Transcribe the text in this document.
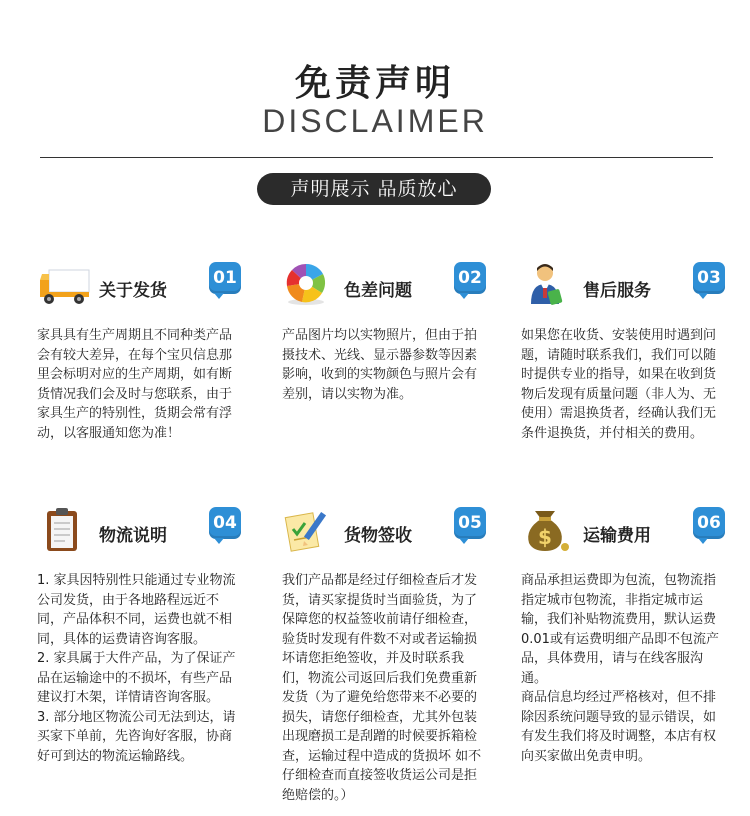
免责声明
DISCLAIMER
声明展示 品质放心
关于发货
01
家具具有生产周期且不同种类产品会有较大差异，在每个宝贝信息那里会标明对应的生产周期，如有断货情况我们会及时与您联系，由于家具生产的特别性，货期会常有浮动，以客服通知您为准！
色差问题
02
产品图片均以实物照片，但由于拍摄技术、光线、显示器参数等因素影响，收到的实物颜色与照片会有差别，请以实物为准。
售后服务
03
如果您在收货、安装使用时遇到问题，请随时联系我们，我们可以随时提供专业的指导，如果在收到货物后发现有质量问题（非人为、无使用）需退换货者，经确认我们无条件退换货，并付相关的费用。
物流说明
04
1. 家具因特别性只能通过专业物流公司发货，由于各地路程远近不同，产品体积不同，运费也就不相同，具体的运费请咨询客服。
2. 家具属于大件产品，为了保证产品在运输途中的不损坏，有些产品建议打木架，详情请咨询客服。
3. 部分地区物流公司无法到达，请买家下单前，先咨询好客服，协商好可到达的物流运输路线。
货物签收
05
我们产品都是经过仔细检查后才发货，请买家提货时当面验货，为了保障您的权益签收前请仔细检查，验货时发现有件数不对或者运输损坏请您拒绝签收，并及时联系我们，物流公司返回后我们免费重新发货（为了避免给您带来不必要的损失，请您仔细检查，尤其外包装出现磨损工是刮蹭的时候要拆箱检查，运输过程中造成的货损坏 如不仔细检查而直接签收货运公司是拒绝赔偿的。）
$ 运输费用
06
商品承担运费即为包流，包物流指指定城市包物流，非指定城市运输，我们补贴物流费用，默认运费0.01或有运费明细产品即不包流产品，具体费用，请与在线客服沟通。
商品信息均经过严格核对，但不排除因系统问题导致的显示错误，如有发生我们将及时调整，本店有权向买家做出免责申明。
